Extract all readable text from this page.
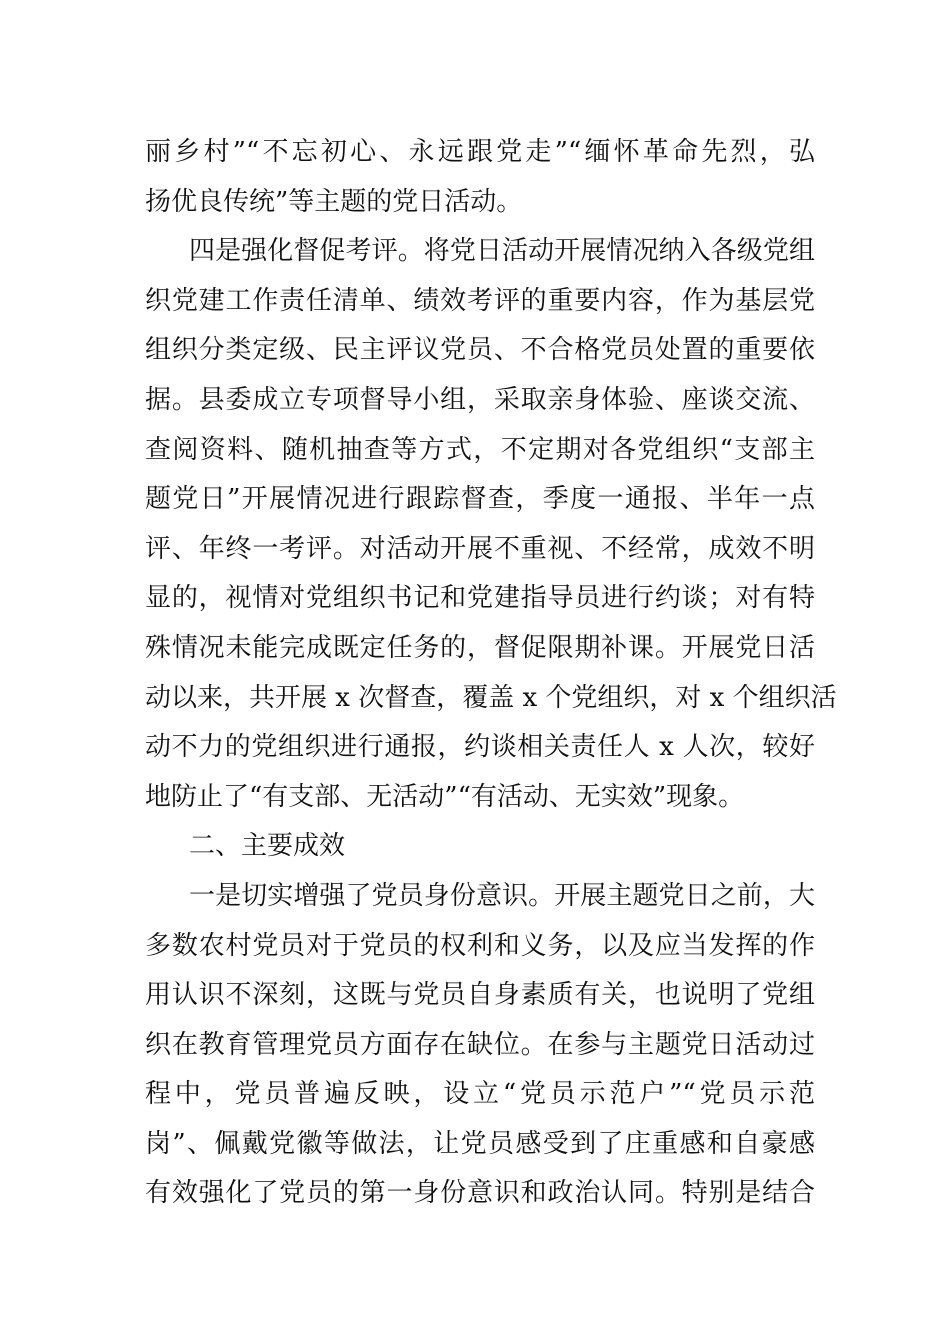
丽乡村”“不忘初心、永远跟党走”“缅怀革命先烈，弘
扬优良传统”等主题的党日活动。
四是强化督促考评。将党日活动开展情况纳入各级党组
织党建工作责任清单、绩效考评的重要内容，作为基层党
组织分类定级、民主评议党员、不合格党员处置的重要依
据。县委成立专项督导小组，采取亲身体验、座谈交流、
查阅资料、随机抽查等方式，不定期对各党组织“支部主
题党日”开展情况进行跟踪督查，季度一通报、半年一点
评、年终一考评。对活动开展不重视、不经常，成效不明
显的，视情对党组织书记和党建指导员进行约谈；对有特
殊情况未能完成既定任务的，督促限期补课。开展党日活
动以来，共开展 x 次督查，覆盖 x 个党组织，对 x 个组织活
动不力的党组织进行通报，约谈相关责任人 x 人次，较好
地防止了“有支部、无活动”“有活动、无实效”现象。
二、主要成效
一是切实增强了党员身份意识。开展主题党日之前，大
多数农村党员对于党员的权利和义务，以及应当发挥的作
用认识不深刻，这既与党员自身素质有关，也说明了党组
织在教育管理党员方面存在缺位。在参与主题党日活动过
程中，党员普遍反映，设立“党员示范户”“党员示范
岗”、佩戴党徽等做法，让党员感受到了庄重感和自豪感
有效强化了党员的第一身份意识和政治认同。特别是结合
